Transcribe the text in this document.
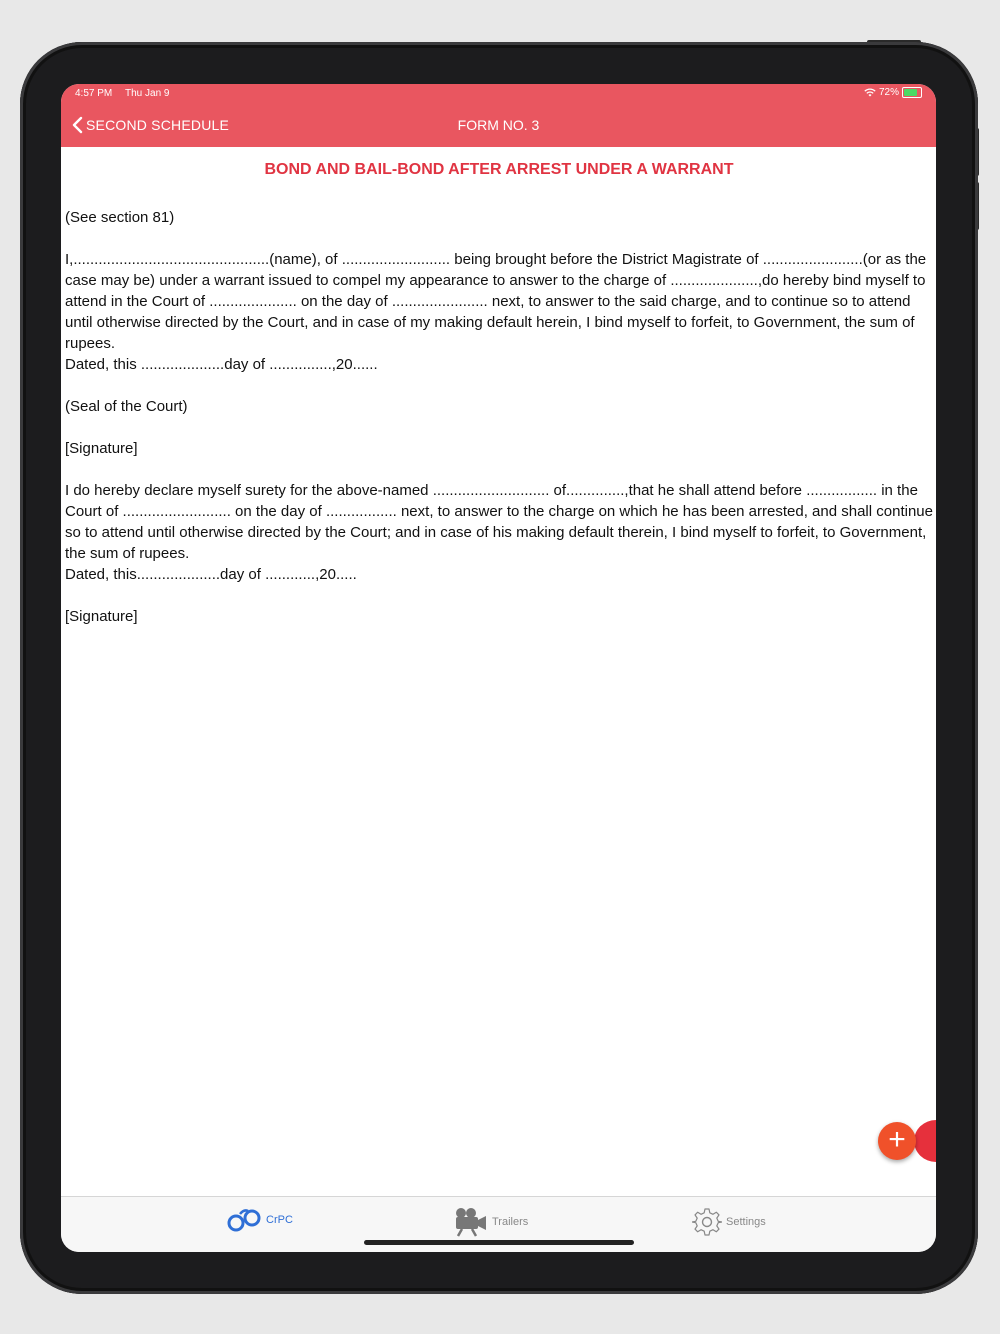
4:57 PM Thu Jan 9	72%
SECOND SCHEDULE	FORM NO. 3
BOND AND BAIL-BOND AFTER ARREST UNDER A WARRANT

(See section 81)

I,...............................................(name), of .......................... being brought before the District Magistrate of ........................(or as the case may be) under a warrant issued to compel my appearance to answer to the charge of .....................,do hereby bind myself to attend in the Court of ..................... on the day of ....................... next, to answer to the said charge, and to continue so to attend until otherwise directed by the Court, and in case of my making default herein, I bind myself to forfeit, to Government, the sum of rupees.
Dated, this ....................day of ...............,20......

(Seal of the Court)

[Signature]

I do hereby declare myself surety for the above-named ............................ of..............,that he shall attend before ................. in the Court of .......................... on the day of ................. next, to answer to the charge on which he has been arrested, and shall continue so to attend until otherwise directed by the Court; and in case of his making default therein, I bind myself to forfeit, to Government, the sum of rupees.
Dated, this....................day of ............,20.....

[Signature]

+
CrPC	Trailers	Settings
